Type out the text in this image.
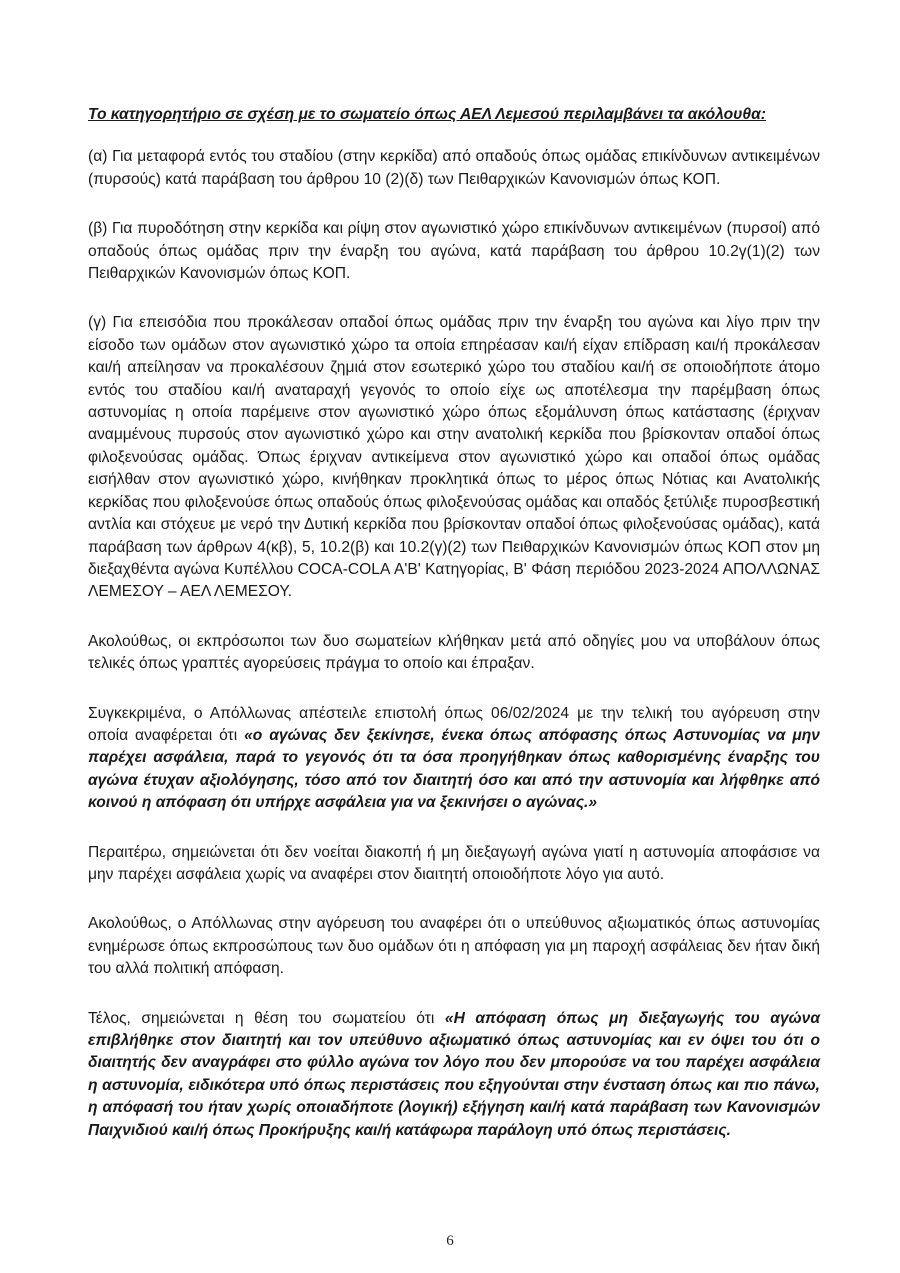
Το κατηγορητήριο σε σχέση με το σωματείο όπως ΑΕΛ Λεμεσού περιλαμβάνει τα ακόλουθα:

(α) Για μεταφορά εντός του σταδίου (στην κερκίδα) από οπαδούς όπως ομάδας επικίνδυνων αντικειμένων (πυρσούς) κατά παράβαση του άρθρου 10 (2)(δ) των Πειθαρχικών Κανονισμών όπως ΚΟΠ.

(β) Για πυροδότηση στην κερκίδα και ρίψη στον αγωνιστικό χώρο επικίνδυνων αντικειμένων (πυρσοί) από οπαδούς όπως ομάδας πριν την έναρξη του αγώνα, κατά παράβαση του άρθρου 10.2γ(1)(2) των Πειθαρχικών Κανονισμών όπως ΚΟΠ.

(γ) Για επεισόδια που προκάλεσαν οπαδοί όπως ομάδας πριν την έναρξη του αγώνα και λίγο πριν την είσοδο των ομάδων στον αγωνιστικό χώρο τα οποία επηρέασαν και/ή είχαν επίδραση και/ή προκάλεσαν και/ή απείλησαν να προκαλέσουν ζημιά στον εσωτερικό χώρο του σταδίου και/ή σε οποιοδήποτε άτομο εντός του σταδίου και/ή αναταραχή γεγονός το οποίο είχε ως αποτέλεσμα την παρέμβαση όπως αστυνομίας η οποία παρέμεινε στον αγωνιστικό χώρο όπως εξομάλυνση όπως κατάστασης (έριχναν αναμμένους πυρσούς στον αγωνιστικό χώρο και στην ανατολική κερκίδα που βρίσκονταν οπαδοί όπως φιλοξενούσας ομάδας. Όπως έριχναν αντικείμενα στον αγωνιστικό χώρο και οπαδοί όπως ομάδας εισήλθαν στον αγωνιστικό χώρο, κινήθηκαν προκλητικά όπως το μέρος όπως Νότιας και Ανατολικής κερκίδας που φιλοξενούσε όπως οπαδούς όπως φιλοξενούσας ομάδας και οπαδός ξετύλιξε πυροσβεστική αντλία και στόχευε με νερό την Δυτική κερκίδα που βρίσκονταν οπαδοί όπως φιλοξενούσας ομάδας), κατά παράβαση των άρθρων 4(κβ), 5, 10.2(β) και 10.2(γ)(2) των Πειθαρχικών Κανονισμών όπως ΚΟΠ στον μη διεξαχθέντα αγώνα Κυπέλλου COCA-COLA Α'Β' Κατηγορίας, Β' Φάση περιόδου 2023-2024 ΑΠΟΛΛΩΝΑΣ ΛΕΜΕΣΟΥ – ΑΕΛ ΛΕΜΕΣΟΥ.

Ακολούθως, οι εκπρόσωποι των δυο σωματείων κλήθηκαν μετά από οδηγίες μου να υποβάλουν όπως τελικές όπως γραπτές αγορεύσεις πράγμα το οποίο και έπραξαν.

Συγκεκριμένα, ο Απόλλωνας απέστειλε επιστολή όπως 06/02/2024 με την τελική του αγόρευση στην οποία αναφέρεται ότι «ο αγώνας δεν ξεκίνησε, ένεκα όπως απόφασης όπως Αστυνομίας να μην παρέχει ασφάλεια, παρά το γεγονός ότι τα όσα προηγήθηκαν όπως καθορισμένης έναρξης του αγώνα έτυχαν αξιολόγησης, τόσο από τον διαιτητή όσο και από την αστυνομία και λήφθηκε από κοινού η απόφαση ότι υπήρχε ασφάλεια για να ξεκινήσει ο αγώνας.»

Περαιτέρω, σημειώνεται ότι δεν νοείται διακοπή ή μη διεξαγωγή αγώνα γιατί η αστυνομία αποφάσισε να μην παρέχει ασφάλεια χωρίς να αναφέρει στον διαιτητή οποιοδήποτε λόγο για αυτό.

Ακολούθως, ο Απόλλωνας στην αγόρευση του αναφέρει ότι ο υπεύθυνος αξιωματικός όπως αστυνομίας ενημέρωσε όπως εκπροσώπους των δυο ομάδων ότι η απόφαση για μη παροχή ασφάλειας δεν ήταν δική του αλλά πολιτική απόφαση.

Τέλος, σημειώνεται η θέση του σωματείου ότι «Η απόφαση όπως μη διεξαγωγής του αγώνα επιβλήθηκε στον διαιτητή και τον υπεύθυνο αξιωματικό όπως αστυνομίας και εν όψει του ότι ο διαιτητής δεν αναγράφει στο φύλλο αγώνα τον λόγο που δεν μπορούσε να του παρέχει ασφάλεια η αστυνομία, ειδικότερα υπό όπως περιστάσεις που εξηγούνται στην ένσταση όπως και πιο πάνω, η απόφασή του ήταν χωρίς οποιαδήποτε (λογική) εξήγηση και/ή κατά παράβαση των Κανονισμών Παιχνιδιού και/ή όπως Προκήρυξης και/ή κατάφωρα παράλογη υπό όπως περιστάσεις.

6
